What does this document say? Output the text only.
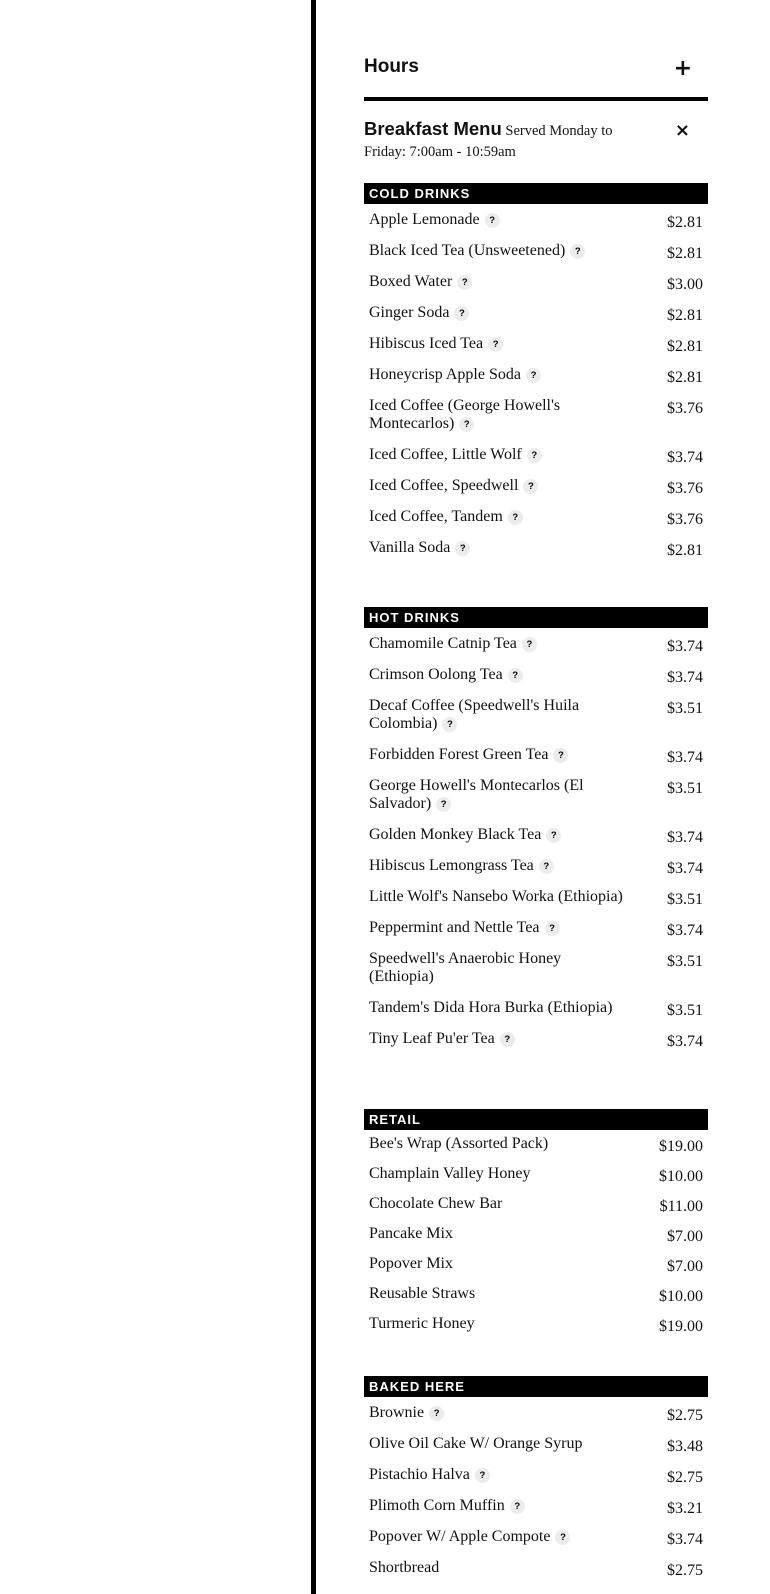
Hours	+
Breakfast Menu Served Monday to Friday: 7:00am - 10:59am
×
COLD DRINKS
Apple Lemonade ?	$2.81
Black Iced Tea (Unsweetened) ?	$2.81
Boxed Water ?	$3.00
Ginger Soda ?	$2.81
Hibiscus Iced Tea ?	$2.81
Honeycrisp Apple Soda ?	$2.81
Iced Coffee (George Howell's Montecarlos) ?
$3.76
Iced Coffee, Little Wolf ?	$3.74
Iced Coffee, Speedwell ?	$3.76
Iced Coffee, Tandem ?	$3.76
Vanilla Soda ?	$2.81
HOT DRINKS
Chamomile Catnip Tea ?	$3.74
Crimson Oolong Tea ?	$3.74
Decaf Coffee (Speedwell's Huila Colombia) ?
$3.51
Forbidden Forest Green Tea ?	$3.74
George Howell's Montecarlos (El Salvador) ?
$3.51
Golden Monkey Black Tea ?	$3.74
Hibiscus Lemongrass Tea ?	$3.74
Little Wolf's Nansebo Worka (Ethiopia)	$3.51
Peppermint and Nettle Tea ?	$3.74
Speedwell's Anaerobic Honey (Ethiopia)
$3.51
Tandem's Dida Hora Burka (Ethiopia)	$3.51
Tiny Leaf Pu'er Tea ?	$3.74
RETAIL
Bee's Wrap (Assorted Pack)	$19.00
Champlain Valley Honey	$10.00
Chocolate Chew Bar	$11.00
Pancake Mix	$7.00
Popover Mix	$7.00
Reusable Straws	$10.00
Turmeric Honey	$19.00
BAKED HERE
Brownie ?	$2.75
Olive Oil Cake W/ Orange Syrup	$3.48
Pistachio Halva ?	$2.75
Plimoth Corn Muffin ?	$3.21
Popover W/ Apple Compote ?	$3.74
Shortbread	$2.75
